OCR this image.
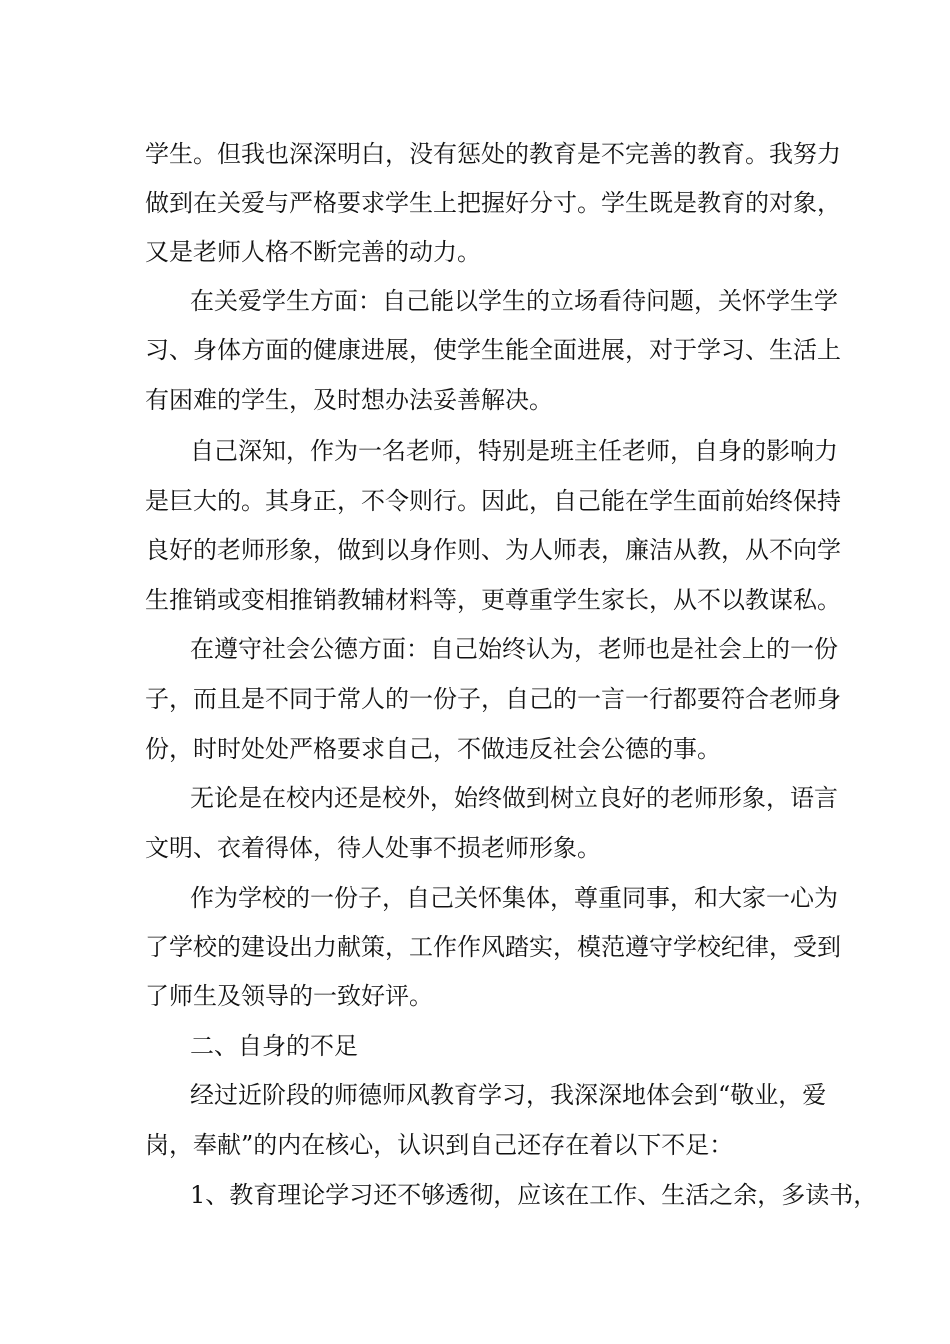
学生。但我也深深明白，没有惩处的教育是不完善的教育。我努力
做到在关爱与严格要求学生上把握好分寸。学生既是教育的对象，
又是老师人格不断完善的动力。
在关爱学生方面：自己能以学生的立场看待问题，关怀学生学
习、身体方面的健康进展，使学生能全面进展，对于学习、生活上
有困难的学生，及时想办法妥善解决。
自己深知，作为一名老师，特别是班主任老师，自身的影响力
是巨大的。其身正，不令则行。因此，自己能在学生面前始终保持
良好的老师形象，做到以身作则、为人师表，廉洁从教，从不向学
生推销或变相推销教辅材料等，更尊重学生家长，从不以教谋私。
在遵守社会公德方面：自己始终认为，老师也是社会上的一份
子，而且是不同于常人的一份子，自己的一言一行都要符合老师身
份，时时处处严格要求自己，不做违反社会公德的事。
无论是在校内还是校外，始终做到树立良好的老师形象，语言
文明、衣着得体，待人处事不损老师形象。
作为学校的一份子，自己关怀集体，尊重同事，和大家一心为
了学校的建设出力献策，工作作风踏实，模范遵守学校纪律，受到
了师生及领导的一致好评。
二、自身的不足
经过近阶段的师德师风教育学习，我深深地体会到“敬业，爱
岗，奉献”的内在核心，认识到自己还存在着以下不足：
1、教育理论学习还不够透彻，应该在工作、生活之余，多读书，
